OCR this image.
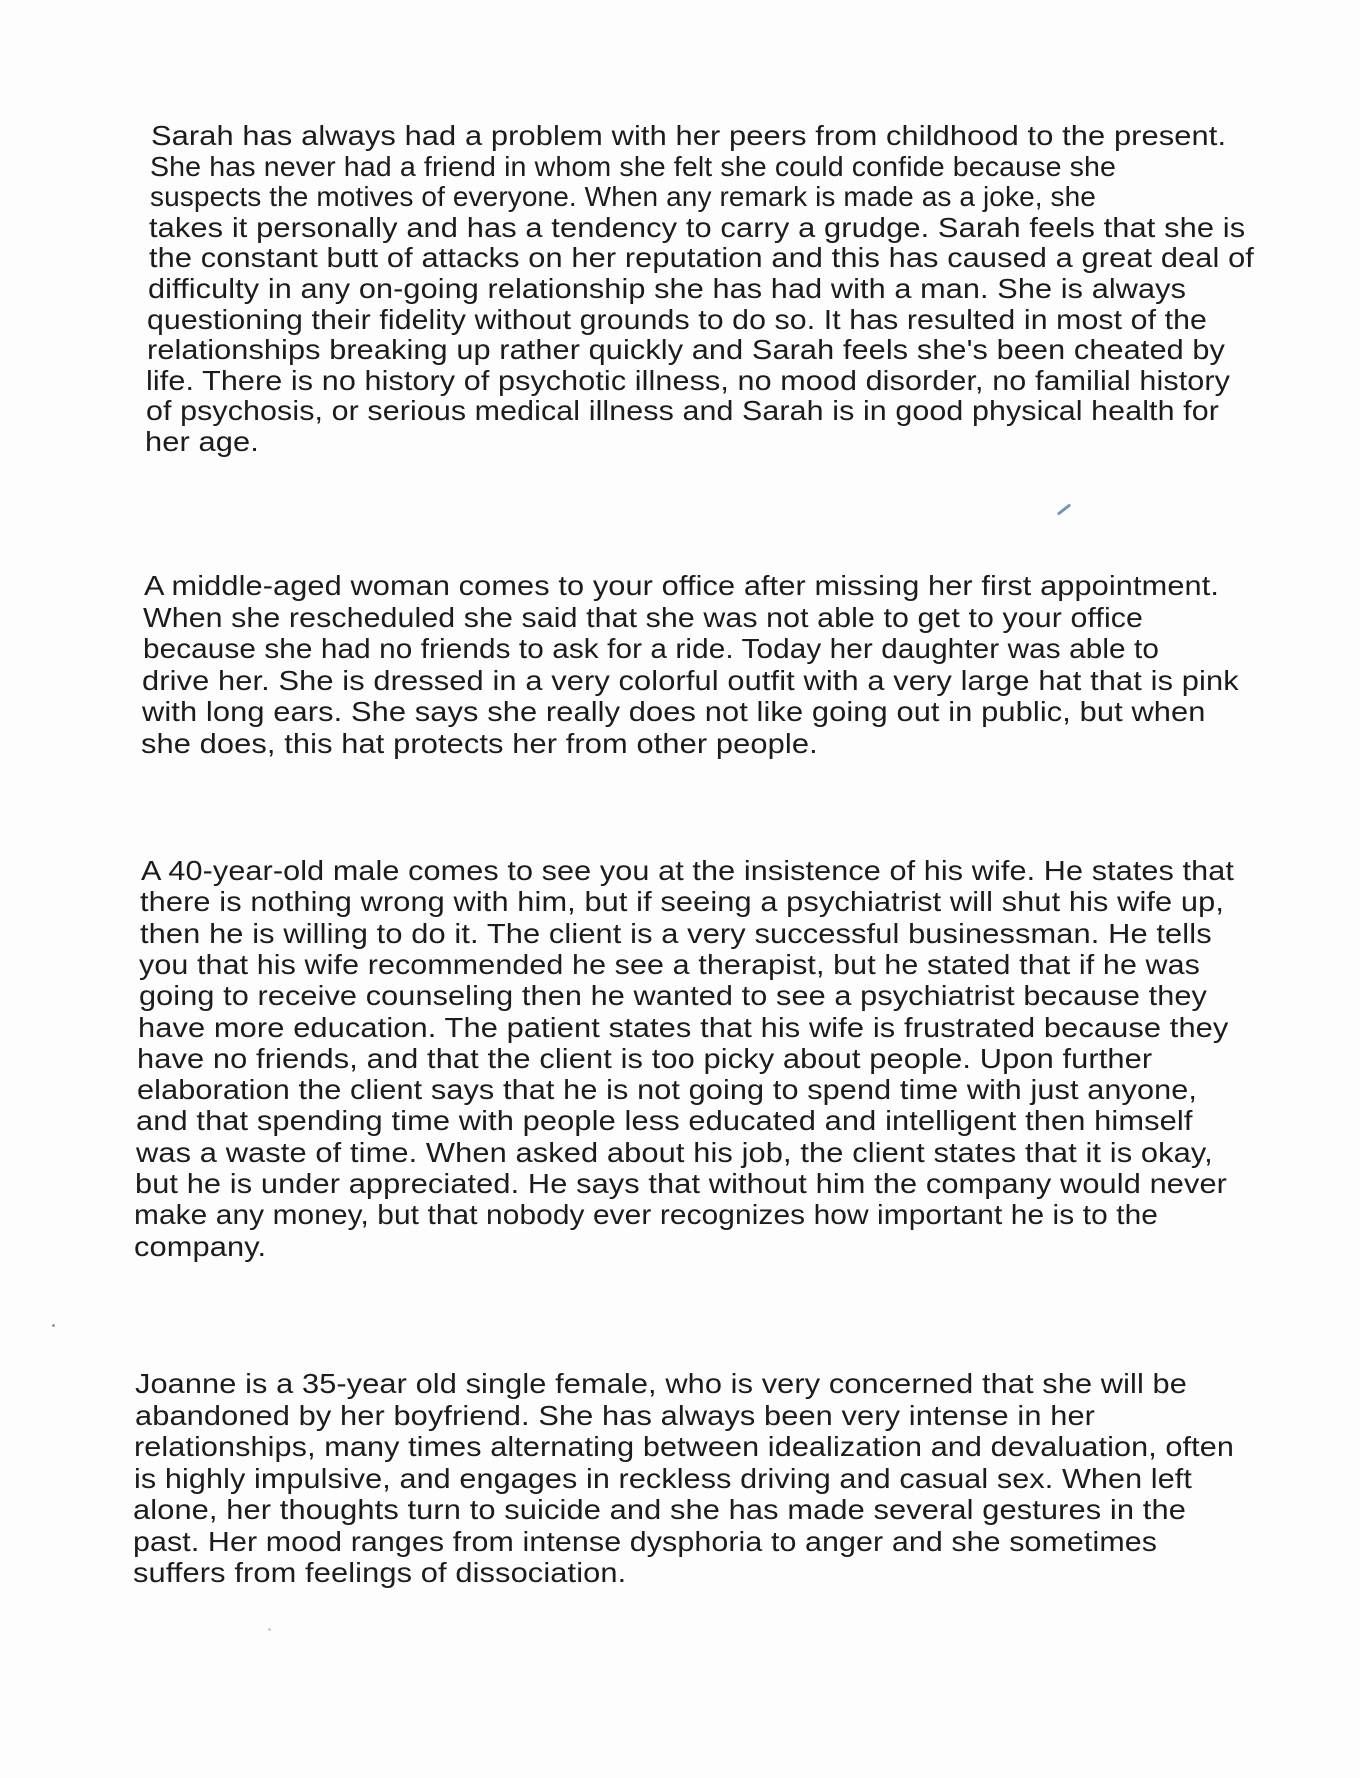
Sarah has always had a problem with her peers from childhood to the present.
She has never had a friend in whom she felt she could confide because she
suspects the motives of everyone. When any remark is made as a joke, she
takes it personally and has a tendency to carry a grudge. Sarah feels that she is
the constant butt of attacks on her reputation and this has caused a great deal of
difficulty in any on-going relationship she has had with a man. She is always
questioning their fidelity without grounds to do so. It has resulted in most of the
relationships breaking up rather quickly and Sarah feels she's been cheated by
life. There is no history of psychotic illness, no mood disorder, no familial history
of psychosis, or serious medical illness and Sarah is in good physical health for
her age.
A middle-aged woman comes to your office after missing her first appointment.
When she rescheduled she said that she was not able to get to your office
because she had no friends to ask for a ride. Today her daughter was able to
drive her. She is dressed in a very colorful outfit with a very large hat that is pink
with long ears. She says she really does not like going out in public, but when
she does, this hat protects her from other people.
A 40-year-old male comes to see you at the insistence of his wife. He states that
there is nothing wrong with him, but if seeing a psychiatrist will shut his wife up,
then he is willing to do it. The client is a very successful businessman. He tells
you that his wife recommended he see a therapist, but he stated that if he was
going to receive counseling then he wanted to see a psychiatrist because they
have more education. The patient states that his wife is frustrated because they
have no friends, and that the client is too picky about people. Upon further
elaboration the client says that he is not going to spend time with just anyone,
and that spending time with people less educated and intelligent then himself
was a waste of time. When asked about his job, the client states that it is okay,
but he is under appreciated. He says that without him the company would never
make any money, but that nobody ever recognizes how important he is to the
company.
Joanne is a 35-year old single female, who is very concerned that she will be
abandoned by her boyfriend. She has always been very intense in her
relationships, many times alternating between idealization and devaluation, often
is highly impulsive, and engages in reckless driving and casual sex. When left
alone, her thoughts turn to suicide and she has made several gestures in the
past. Her mood ranges from intense dysphoria to anger and she sometimes
suffers from feelings of dissociation.
